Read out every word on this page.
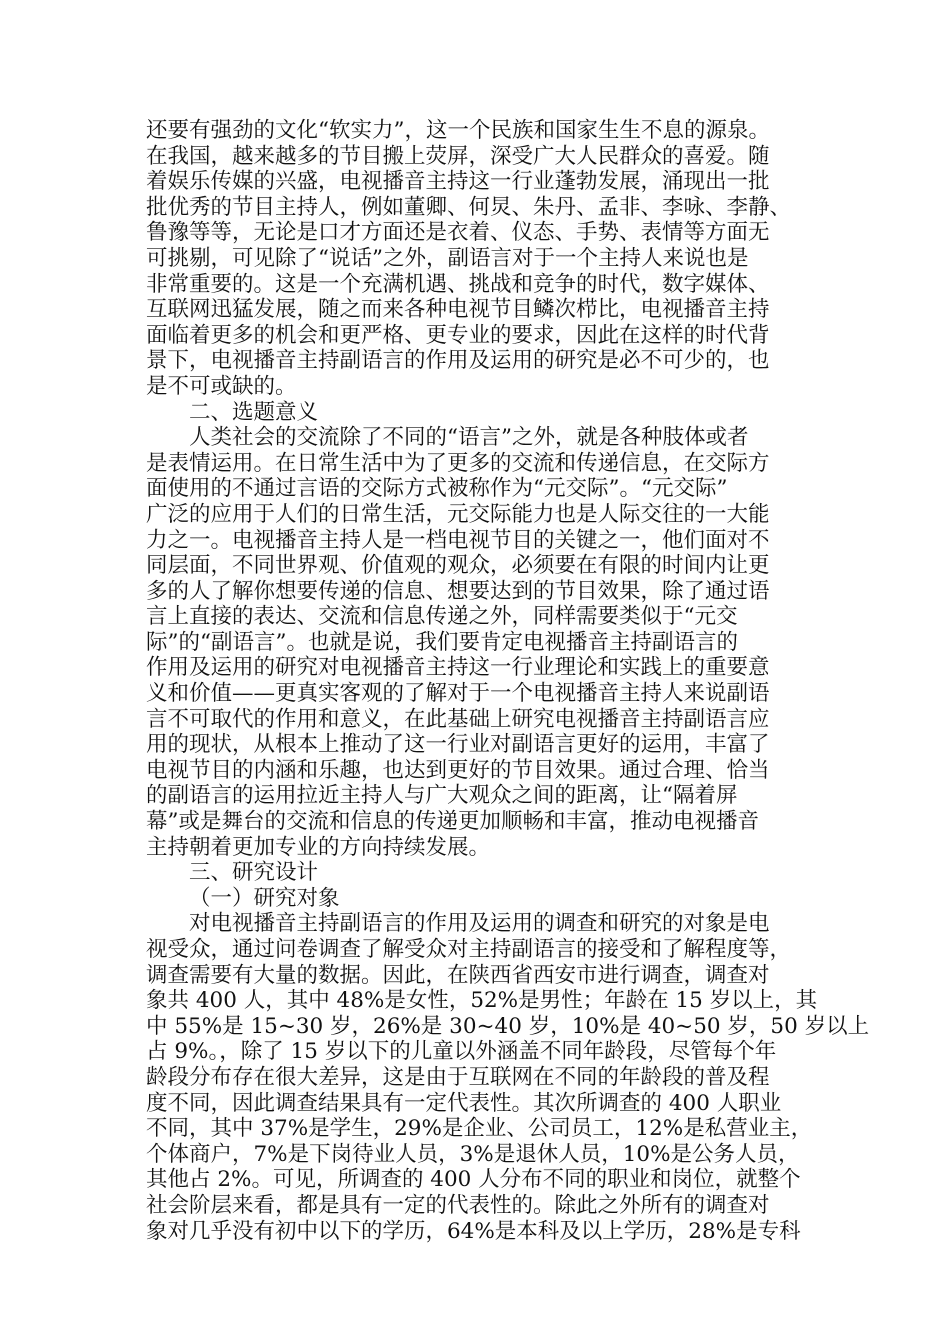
还要有强劲的文化“软实力”，这一个民族和国家生生不息的源泉。
在我国，越来越多的节目搬上荧屏，深受广大人民群众的喜爱。随
着娱乐传媒的兴盛，电视播音主持这一行业蓬勃发展，涌现出一批
批优秀的节目主持人，例如董卿、何炅、朱丹、孟非、李咏、李静、
鲁豫等等，无论是口才方面还是衣着、仪态、手势、表情等方面无
可挑剔，可见除了“说话”之外，副语言对于一个主持人来说也是
非常重要的。这是一个充满机遇、挑战和竞争的时代，数字媒体、
互联网迅猛发展，随之而来各种电视节目鳞次栉比，电视播音主持
面临着更多的机会和更严格、更专业的要求，因此在这样的时代背
景下，电视播音主持副语言的作用及运用的研究是必不可少的，也
是不可或缺的。
二、选题意义
人类社会的交流除了不同的“语言”之外，就是各种肢体或者
是表情运用。在日常生活中为了更多的交流和传递信息，在交际方
面使用的不通过言语的交际方式被称作为“元交际”。“元交际”
广泛的应用于人们的日常生活，元交际能力也是人际交往的一大能
力之一。电视播音主持人是一档电视节目的关键之一，他们面对不
同层面，不同世界观、价值观的观众，必须要在有限的时间内让更
多的人了解你想要传递的信息、想要达到的节目效果，除了通过语
言上直接的表达、交流和信息传递之外，同样需要类似于“元交
际”的“副语言”。也就是说，我们要肯定电视播音主持副语言的
作用及运用的研究对电视播音主持这一行业理论和实践上的重要意
义和价值——更真实客观的了解对于一个电视播音主持人来说副语
言不可取代的作用和意义，在此基础上研究电视播音主持副语言应
用的现状，从根本上推动了这一行业对副语言更好的运用，丰富了
电视节目的内涵和乐趣，也达到更好的节目效果。通过合理、恰当
的副语言的运用拉近主持人与广大观众之间的距离，让“隔着屏
幕”或是舞台的交流和信息的传递更加顺畅和丰富，推动电视播音
主持朝着更加专业的方向持续发展。
三、研究设计
（一）研究对象
对电视播音主持副语言的作用及运用的调查和研究的对象是电
视受众，通过问卷调查了解受众对主持副语言的接受和了解程度等，
调查需要有大量的数据。因此，在陕西省西安市进行调查，调查对
象共 400 人，其中 48%是女性，52%是男性；年龄在 15 岁以上，其
中 55%是 15~30 岁，26%是 30~40 岁，10%是 40~50 岁，50 岁以上
占 9%。，除了 15 岁以下的儿童以外涵盖不同年龄段，尽管每个年
龄段分布存在很大差异，这是由于互联网在不同的年龄段的普及程
度不同，因此调查结果具有一定代表性。其次所调查的 400 人职业
不同，其中 37%是学生，29%是企业、公司员工，12%是私营业主，
个体商户，7%是下岗待业人员，3%是退休人员，10%是公务人员，
其他占 2%。可见，所调查的 400 人分布不同的职业和岗位，就整个
社会阶层来看，都是具有一定的代表性的。除此之外所有的调查对
象对几乎没有初中以下的学历，64%是本科及以上学历，28%是专科
